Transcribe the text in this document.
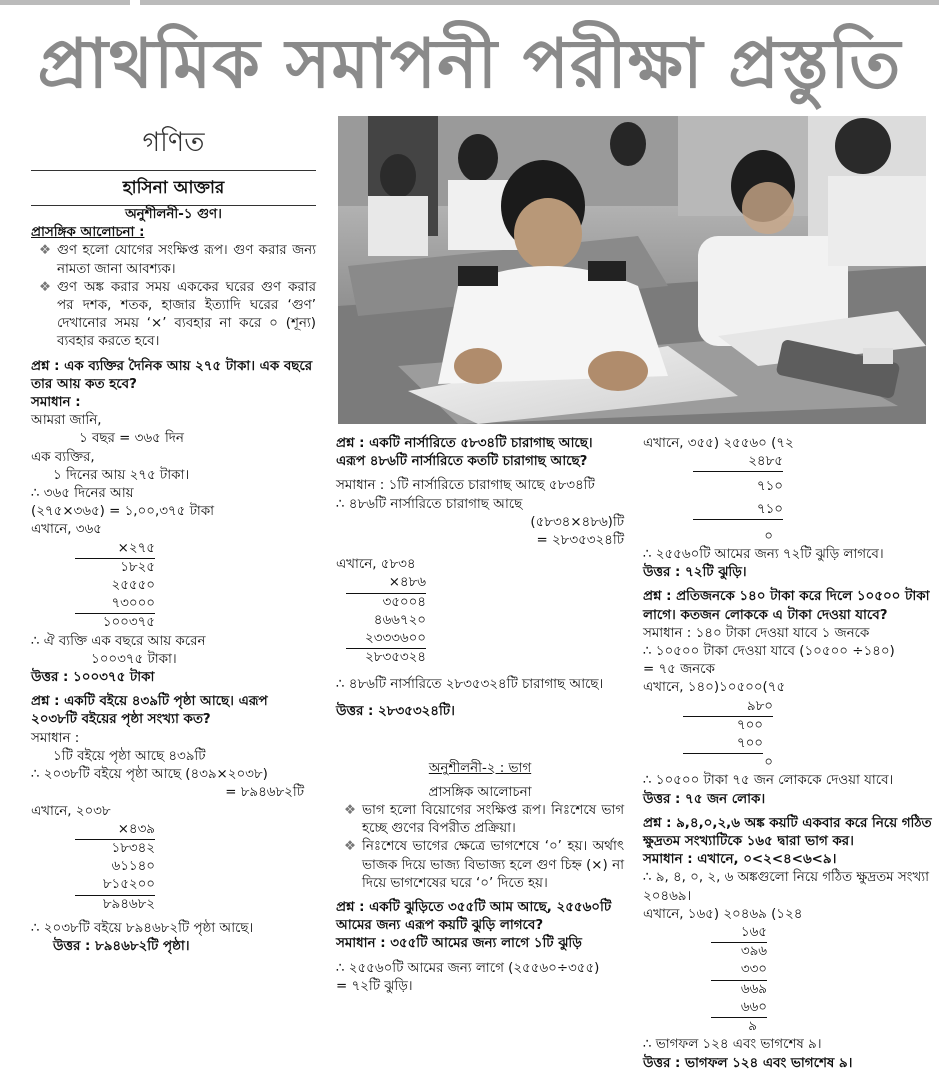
প্রাথমিক সমাপনী পরীক্ষা প্রস্তুতি
গণিত
হাসিনা আক্তার

অনুশীলনী-১ গুণ।

প্রাসঙ্গিক আলোচনা :

❖ গুণ হলো যোগের সংক্ষিপ্ত রূপ। গুণ করার জন্য নামতা জানা আবশ্যক।

❖ গুণ অঙ্ক করার সময় এককের ঘরের গুণ করার পর দশক, শতক, হাজার ইত্যাদি ঘরের ‘গুণ’ দেখানোর সময় ‘×’ ব্যবহার না করে ০ (শূন্য) ব্যবহার করতে হবে।

প্রশ্ন : এক ব্যক্তির দৈনিক আয় ২৭৫ টাকা। এক বছরে তার আয় কত হবে?

সমাধান :

আমরা জানি,

১ বছর = ৩৬৫ দিন

এক ব্যক্তির,

১ দিনের আয় ২৭৫ টাকা।

∴ ৩৬৫ দিনের আয়

(২৭৫×৩৬৫) = ১,০০,৩৭৫ টাকা

এখানে, ৩৬৫

×২৭৫
১৮২৫
২৫৫৫০
৭৩০০০
১০০৩৭৫

∴ ঐ ব্যক্তি এক বছরে আয় করেন

১০০৩৭৫ টাকা।

উত্তর : ১০০৩৭৫ টাকা

প্রশ্ন : একটি বইয়ে ৪৩৯টি পৃষ্ঠা আছে। এরূপ ২০৩৮টি বইয়ের পৃষ্ঠা সংখ্যা কত?

সমাধান :

১টি বইয়ে পৃষ্ঠা আছে ৪৩৯টি

∴ ২০৩৮টি বইয়ে পৃষ্ঠা আছে (৪৩৯×২০৩৮)

= ৮৯৪৬৮২টি

এখানে, ২০৩৮

×৪৩৯
১৮৩৪২
৬১১৪০
৮১৫২০০
৮৯৪৬৮২

∴ ২০৩৮টি বইয়ে ৮৯৪৬৮২টি পৃষ্ঠা আছে।

উত্তর : ৮৯৪৬৮২টি পৃষ্ঠা।

প্রশ্ন : একটি নার্সারিতে ৫৮৩৪টি চারাগাছ আছে। এরূপ ৪৮৬টি নার্সারিতে কতটি চারাগাছ আছে?

সমাধান : ১টি নার্সারিতে চারাগাছ আছে ৫৮৩৪টি

∴ ৪৮৬টি নার্সারিতে চারাগাছ আছে

(৫৮৩৪×৪৮৬)টি

= ২৮৩৫৩২৪টি

এখানে, ৫৮৩৪

×৪৮৬
৩৫০০৪
৪৬৬৭২০
২৩৩৩৬০০
২৮৩৫৩২৪

∴ ৪৮৬টি নার্সারিতে ২৮৩৫৩২৪টি চারাগাছ আছে।

উত্তর : ২৮৩৫৩২৪টি।

অনুশীলনী-২ : ভাগ

প্রাসঙ্গিক আলোচনা

❖ ভাগ হলো বিয়োগের সংক্ষিপ্ত রূপ। নিঃশেষে ভাগ হচ্ছে গুণের বিপরীত প্রক্রিয়া।

❖ নিঃশেষে ভাগের ক্ষেত্রে ভাগশেষে ‘০’ হয়। অর্থাৎ ভাজক দিয়ে ভাজ্য বিভাজ্য হলে গুণ চিহ্ন (×) না দিয়ে ভাগশেষের ঘরে ‘০’ দিতে হয়।

প্রশ্ন : একটি ঝুড়িতে ৩৫৫টি আম আছে, ২৫৫৬০টি আমের জন্য এরূপ কয়টি ঝুড়ি লাগবে?

সমাধান : ৩৫৫টি আমের জন্য লাগে ১টি ঝুড়ি

∴ ২৫৫৬০টি আমের জন্য লাগে (২৫৫৬০÷৩৫৫)

= ৭২টি ঝুড়ি।

এখানে, ৩৫৫) ২৫৫৬০ (৭২

২৪৮৫
৭১০
৭১০
০

∴ ২৫৫৬০টি আমের জন্য ৭২টি ঝুড়ি লাগবে।

উত্তর : ৭২টি ঝুড়ি।

প্রশ্ন : প্রতিজনকে ১৪০ টাকা করে দিলে ১০৫০০ টাকা লাগে। কতজন লোককে এ টাকা দেওয়া যাবে?

সমাধান : ১৪০ টাকা দেওয়া যাবে ১ জনকে

∴ ১০৫০০ টাকা দেওয়া যাবে (১০৫০০ ÷১৪০)

= ৭৫ জনকে

এখানে, ১৪০)১০৫০০(৭৫

৯৮০
৭০০
৭০০
০

∴ ১০৫০০ টাকা ৭৫ জন লোককে দেওয়া যাবে।

উত্তর : ৭৫ জন লোক।

প্রশ্ন : ৯,৪,০,২,৬ অঙ্ক কয়টি একবার করে নিয়ে গঠিত ক্ষুদ্রতম সংখ্যাটিকে ১৬৫ দ্বারা ভাগ কর।

সমাধান : এখানে, ০<২<৪<৬<৯।

∴ ৯, ৪, ০, ২, ৬ অঙ্কগুলো নিয়ে গঠিত ক্ষুদ্রতম সংখ্যা ২০৪৬৯।

এখানে, ১৬৫) ২০৪৬৯ (১২৪

১৬৫
৩৯৬
৩৩০
৬৬৯
৬৬০
৯

∴ ভাগফল ১২৪ এবং ভাগশেষ ৯।

উত্তর : ভাগফল ১২৪ এবং ভাগশেষ ৯।
